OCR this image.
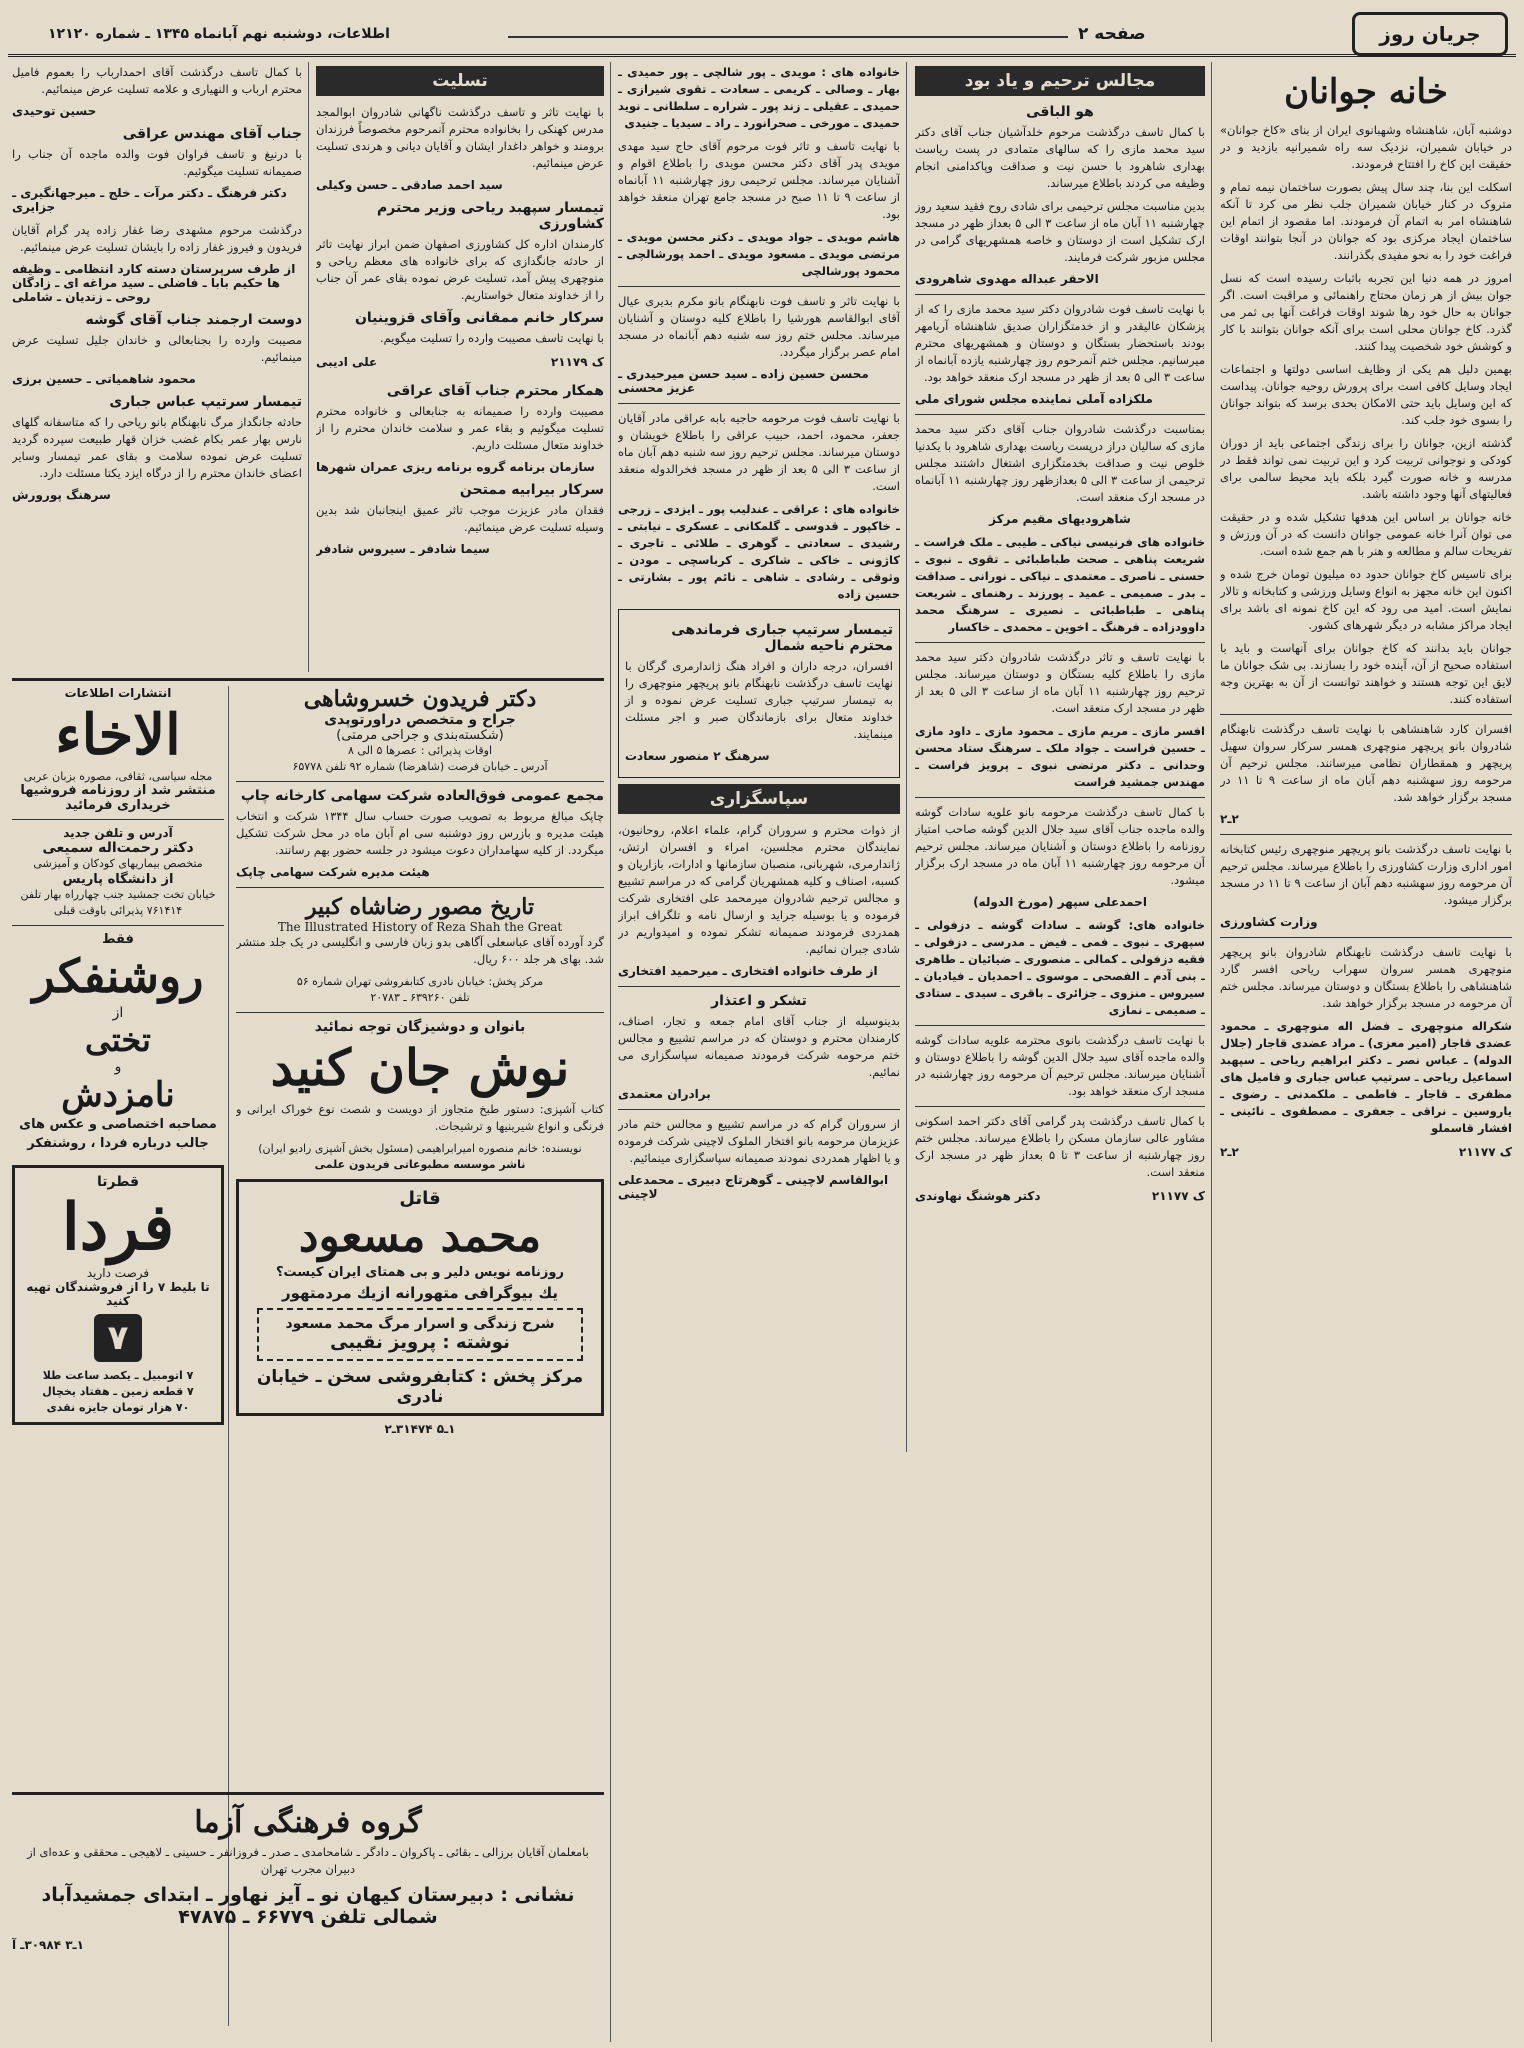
اطلاعات، دوشنبه نهم آبانماه ۱۳۴۵ ـ شماره ۱۲۱۲۰	صفحه ۲	جریان روز
خانه جوانان

دوشنبه آبان، شاهنشاه وشهبانوی ایران از بنای «کاخ جوانان» در خیابان شمیران، نزدیک سه راه شمیرانیه بازدید و در حقیقت این کاخ را افتتاح فرمودند.

اسکلت این بنا، چند سال پیش بصورت ساختمان نیمه تمام و متروک در کنار خیابان شمیران جلب نظر می کرد تا آنکه شاهنشاه امر به اتمام آن فرمودند. اما مقصود از اتمام این ساختمان ایجاد مرکزی بود که جوانان در آنجا بتوانند اوقات فراغت خود را به نحو مفیدی بگذرانند.

امروز در همه دنیا این تجربه باثبات رسیده است که نسل جوان بیش از هر زمان محتاج راهنمائی و مراقبت است. اگر جوانان به حال خود رها شوند اوقات فراغت آنها بی ثمر می گذرد. کاخ جوانان محلی است برای آنکه جوانان بتوانند با کار و کوشش خود شخصیت پیدا کنند.

بهمین دلیل هم یکی از وظایف اساسی دولتها و اجتماعات ایجاد وسایل کافی است برای پرورش روحیه جوانان. پیداست که این وسایل باید حتی الامکان بحدی برسد که بتواند جوانان را بسوی خود جلب کند.

گذشته ازین، جوانان را برای زندگی اجتماعی باید از دوران کودکی و نوجوانی تربیت کرد و این تربیت نمی تواند فقط در مدرسه و خانه صورت گیرد بلکه باید محیط سالمی برای فعالیتهای آنها وجود داشته باشد.

خانه جوانان بر اساس این هدفها تشکیل شده و در حقیقت می توان آنرا خانه عمومی جوانان دانست که در آن ورزش و تفریحات سالم و مطالعه و هنر با هم جمع شده است.

برای تاسیس کاخ جوانان حدود ده میلیون تومان خرج شده و اکنون این خانه مجهز به انواع وسایل ورزشی و کتابخانه و تالار نمایش است. امید می رود که این کاخ نمونه ای باشد برای ایجاد مراکز مشابه در دیگر شهرهای کشور.

جوانان باید بدانند که کاخ جوانان برای آنهاست و باید با استفاده صحیح از آن، آینده خود را بسازند. بی شک جوانان ما لایق این توجه هستند و خواهند توانست از آن به بهترین وجه استفاده کنند.

افسران کارد شاهنشاهی با نهایت تاسف درگذشت نابهنگام شادروان بانو پریچهر منوچهری همسر سرکار سروان سهیل پریچهر و همقطاران نظامی میرسانند. مجلس ترحیم آن مرحومه روز سهشنبه دهم آبان ماه از ساعت ۹ تا ۱۱ در مسجد برگزار خواهد شد.

۲ـ۲

با نهایت تاسف درگذشت بانو پریچهر منوچهری رئیس کتابخانه امور اداری وزارت کشاورزی را باطلاع میرساند. مجلس ترحیم آن مرحومه روز سهشنبه دهم آبان از ساعت ۹ تا ۱۱ در مسجد برگزار میشود.

وزارت کشاورزی

با نهایت تاسف درگذشت نابهنگام شادروان بانو پریچهر منوچهری همسر سروان سهراب ریاحی افسر گارد شاهنشاهی را باطلاع بستگان و دوستان میرساند. مجلس ختم آن مرحومه در مسجد برگزار خواهد شد.

شکراله منوچهری ـ فضل اله منوچهری ـ محمود عضدی قاجار (امیر معزی) ـ مراد عضدی قاجار (جلال الدوله) ـ عباس نصر ـ دکتر ابراهیم ریاحی ـ سپهبد اسماعیل ریاحی ـ سرتیپ عباس جباری و فامیل های مظفری ـ قاجار ـ فاطمی ـ ملکمدنی ـ رضوی ـ یاروسین ـ نراقی ـ جعفری ـ مصطفوی ـ نائینی ـ افشار قاسملو

ک ۲۱۱۷۷
۲ـ۲
مجالس ترحیم و یاد بود
هو الباقی

با کمال تاسف درگذشت مرحوم خلدآشیان جناب آقای دکتر سید محمد مازی را که سالهای متمادی در پست ریاست بهداری شاهرود با حسن نیت و صداقت وپاکدامنی انجام وظیفه می کردند باطلاع میرساند.

بدین مناسبت مجلس ترحیمی برای شادی روح فقید سعید روز چهارشنبه ۱۱ آبان ماه از ساعت ۳ الی ۵ بعداز ظهر در مسجد ارک تشکیل است از دوستان و خاصه همشهریهای گرامی در مجلس مزبور شرکت فرمایند.

الاحقر عبداله مهدوی شاهرودی

با نهایت تاسف فوت شادروان دکتر سید محمد مازی را که از پزشکان عالیقدر و از خدمتگزاران صدیق شاهنشاه آریامهر بودند باستحضار بستگان و دوستان و همشهریهای محترم میرسانیم. مجلس ختم آنمرحوم روز چهارشنبه یازده آبانماه از ساعت ۳ الی ۵ بعد از ظهر در مسجد ارک منعقد خواهد بود.

ملکزاده آملی نماینده مجلس شورای ملی

بمناسبت درگذشت شادروان جناب آقای دکتر سید محمد مازی که سالیان دراز درپست ریاست بهداری شاهرود با یکدنیا خلوص نیت و صداقت بخدمتگزاری اشتغال داشتند مجلس ترحیمی از ساعت ۳ الی ۵ بعدازظهر روز چهارشنبه ۱۱ آبانماه در مسجد ارک منعقد است.

شاهرودیهای مقیم مرکز

خانواده های فرنیسی نیاکی ـ طیبی ـ ملک فراست ـ شریعت پناهی ـ صحت طباطبائی ـ تقوی ـ نبوی ـ حسنی ـ ناصری ـ معتمدی ـ نیاکی ـ نورانی ـ صداقت ـ بدر ـ صمیمی ـ عمید ـ پورزند ـ رهنمای ـ شریعت پناهی ـ طباطبائی ـ نصیری ـ سرهنگ محمد داوودزاده ـ فرهنگ ـ اخوین ـ محمدی ـ خاکسار

با نهایت تاسف و تاثر درگذشت شادروان دکتر سید محمد مازی را باطلاع کلیه بستگان و دوستان میرساند. مجلس ترحیم روز چهارشنبه ۱۱ آبان ماه از ساعت ۳ الی ۵ بعد از ظهر در مسجد ارک منعقد است.

افسر مازی ـ مریم مازی ـ محمود مازی ـ داود مازی ـ حسین فراست ـ جواد ملک ـ سرهنگ ستاد محسن وحدانی ـ دکتر مرتضی نبوی ـ پرویز فراست ـ مهندس جمشید فراست

با کمال تاسف درگذشت مرحومه بانو علویه سادات گوشه والده ماجده جناب آقای سید جلال الدین گوشه صاحب امتیاز روزنامه را باطلاع دوستان و آشنایان میرساند. مجلس ترحیم آن مرحومه روز چهارشنبه ۱۱ آبان ماه در مسجد ارک برگزار میشود.

احمدعلی سپهر (مورخ الدوله)

خانواده های: گوشه ـ سادات گوشه ـ دزفولی ـ سپهری ـ نبوی ـ فمی ـ فیض ـ مدرسی ـ دزفولی ـ فقیه دزفولی ـ کمالی ـ منصوری ـ ضیائیان ـ طاهری ـ بنی آدم ـ الفصحی ـ موسوی ـ احمدیان ـ فیادیان ـ سیروس ـ منزوی ـ جزائری ـ باقری ـ سیدی ـ ستادی ـ صمیمی ـ نمازی

با نهایت تاسف درگذشت بانوی محترمه علویه سادات گوشه والده ماجده آقای سید جلال الدین گوشه را باطلاع دوستان و آشنایان میرساند. مجلس ترحیم آن مرحومه روز چهارشنبه در مسجد ارک منعقد خواهد بود.

با کمال تاسف درگذشت پدر گرامی آقای دکتر احمد اسکونی مشاور عالی سازمان مسکن را باطلاع میرساند. مجلس ختم روز چهارشنبه از ساعت ۳ تا ۵ بعداز ظهر در مسجد ارک منعقد است.

ک ۲۱۱۷۷
دکتر هوشنگ نهاوندی

خانواده های : مویدی ـ پور شالچی ـ پور حمیدی ـ بهار ـ وصالی ـ کریمی ـ سعادت ـ تقوی شیرازی ـ حمیدی ـ عقیلی ـ زند پور ـ شراره ـ سلطانی ـ نوید حمیدی ـ مورخی ـ صحرانورد ـ راد ـ سیدیا ـ جنیدی

با نهایت تاسف و تاثر فوت مرحوم آقای حاج سید مهدی مویدی پدر آقای دکتر محسن مویدی را باطلاع اقوام و آشنایان میرساند. مجلس ترحیمی روز چهارشنبه ۱۱ آبانماه از ساعت ۹ تا ۱۱ صبح در مسجد جامع تهران منعقد خواهد بود.

هاشم مویدی ـ جواد مویدی ـ دکتر محسن مویدی ـ مرتضی مویدی ـ مسعود مویدی ـ احمد پورشالچی ـ محمود پورشالچی

با نهایت تاثر و تاسف فوت نابهنگام بانو مکرم بدیری عیال آقای ابوالقاسم هورشیا را باطلاع کلیه دوستان و آشنایان میرساند. مجلس ختم روز سه شنبه دهم آبانماه در مسجد امام عصر برگزار میگردد.

محسن حسین زاده ـ سید حسن میرحیدری ـ عزیز محسنی

با نهایت تاسف فوت مرحومه حاجیه بابه عراقی مادر آقایان جعفر، محمود، احمد، حبیب عراقی را باطلاع خویشان و دوستان میرساند. مجلس ترحیم روز سه شنبه دهم آبان ماه از ساعت ۳ الی ۵ بعد از ظهر در مسجد فخرالدوله منعقد است.

خانواده های : عراقی ـ عندلیب پور ـ ایزدی ـ زرجی ـ خاکپور ـ قدوسی ـ گلمکانی ـ عسکری ـ نیابتی ـ رشیدی ـ سعادتی ـ گوهری ـ طلائی ـ تاجری ـ کاژونی ـ خاکی ـ شاکری ـ کرباسچی ـ مودن ـ وثوقی ـ رشادی ـ شاهی ـ نائم پور ـ بشارتی ـ حسین زاده

تیمسار سرتیپ جباری فرماندهی محترم ناحیه شمال

افسران، درجه داران و افراد هنگ ژاندارمری گرگان با نهایت تاسف درگذشت نابهنگام بانو پریچهر منوچهری را به تیمسار سرتیپ جباری تسلیت عرض نموده و از خداوند متعال برای بازماندگان صبر و اجر مسئلت مینمایند.

سرهنگ ۲ منصور سعادت
سپاسگزاری

از ذوات محترم و سروران گرام، علماء اعلام، روحانیون، نمایندگان محترم مجلسین، امراء و افسران ارتش، ژاندارمری، شهربانی، منصبان سازمانها و ادارات، بازاریان و کسبه، اصناف و کلیه همشهریان گرامی که در مراسم تشییع و مجالس ترحیم شادروان میرمحمد علی افتخاری شرکت فرموده و یا بوسیله جراید و ارسال نامه و تلگراف ابراز همدردی فرمودند صمیمانه تشکر نموده و امیدواریم در شادی جبران نمائیم.

از طرف خانواده افتخاری ـ میرحمید افتخاری
تشکر و اعتذار

بدینوسیله از جناب آقای امام جمعه و تجار، اصناف، کارمندان محترم و دوستان که در مراسم تشییع و مجالس ختم مرحومه شرکت فرمودند صمیمانه سپاسگزاری می نمائیم.

برادران معتمدی

از سروران گرام که در مراسم تشییع و مجالس ختم مادر عزیزمان مرحومه بانو افتخار الملوک لاچینی شرکت فرموده و یا اظهار همدردی نمودند صمیمانه سپاسگزاری مینمائیم.

ابوالقاسم لاچینی ـ گوهرتاج دبیری ـ محمدعلی لاچینی
تسلیت

با نهایت تاثر و تاسف درگذشت ناگهانی شادروان ابوالمجد مدرس کهنکی را بخانواده محترم آنمرحوم مخصوصاً فرزندان برومند و خواهر داغدار ایشان و آقایان دیانی و هرندی تسلیت عرض مینمائیم.

سید احمد صادقی ـ حسن وکیلی
تیمسار سپهبد ریاحی وزیر محترم کشاورزی

کارمندان اداره کل کشاورزی اصفهان ضمن ابراز نهایت تاثر از حادثه جانگدازی که برای خانواده های معظم ریاحی و منوچهری پیش آمد، تسلیت عرض نموده بقای عمر آن جناب را از خداوند متعال خواستاریم.

سرکار خانم ممقانی وآقای قزوینیان

با نهایت تاسف مصیبت وارده را تسلیت میگویم.

ک ۲۱۱۷۹
علی ادیبی
همکار محترم جناب آقای عراقی

مصیبت وارده را صمیمانه به جنابعالی و خانواده محترم تسلیت میگوئیم و بقاء عمر و سلامت خاندان محترم را از خداوند متعال مسئلت داریم.

سازمان برنامه گروه برنامه ریزی عمران شهرها
سرکار بیرابیه ممتحن

فقدان مادر عزیزت موجب تاثر عمیق اینجانبان شد بدین وسیله تسلیت عرض مینمائیم.

سیما شادفر ـ سیروس شادفر

با کمال تاسف درگذشت آقای احمدارباب را بعموم فامیل محترم ارباب و النهیاری و علامه تسلیت عرض مینمائیم.

حسین توحیدی
جناب آقای مهندس عراقی

با درنیغ و تاسف فراوان فوت والده ماجده آن جناب را صمیمانه تسلیت میگوئیم.

دکتر فرهنگ ـ دکتر مرآت ـ خلج ـ میرجهانگیری ـ جزایری

درگذشت مرحوم مشهدی رضا غفار زاده پدر گرام آقایان فریدون و فیروز غفار زاده را بایشان تسلیت عرض مینمائیم.

از طرف سرپرستان دسته کارد انتظامی ـ وظیفه ها حکیم بابا ـ فاضلی ـ سید مراغه ای ـ زادگان روحی ـ زندیان ـ شاملی
دوست ارجمند جناب آقای گوشه

مصیبت وارده را بجنابعالی و خاندان جلیل تسلیت عرض مینمائیم.

محمود شاهمیاتی ـ حسین برزی
تیمسار سرتیپ عباس جباری

حادثه جانگداز مرگ نابهنگام بانو ریاحی را که متاسفانه گلهای نارس بهار عمر بکام غضب خزان قهار طبیعت سپرده گردید تسلیت عرض نموده سلامت و بقای عمر تیمسار وسایر اعضای خاندان محترم را از درگاه ایزد یکتا مسئلت دارد.

سرهنگ پورورش
دکتر فریدون خسروشاهی
جراح و متخصص دراورتوپدی
(شکسته‌بندی و جراحی مرمتی)
اوقات پذیرائی : عصرها ۵ الی ۸
آدرس ـ خیابان فرصت (شاهرضا) شماره ۹۲ تلفن ۶۵۷۷۸
مجمع عمومی فوق‌العاده شرکت سهامی کارخانه چاپ

چاپک مبالغ مربوط به تصویب صورت حساب سال ۱۳۴۴ شرکت و انتخاب هیئت مدیره و بازرس روز دوشنبه سی ام آبان ماه در محل شرکت تشکیل میگردد. از کلیه سهامداران دعوت میشود در جلسه حضور بهم رسانند.

هیئت مدیره شرکت سهامی چاپک
تاریخ مصور رضاشاه کبیر
The Illustrated History of Reza Shah the Great

گرد آورده آقای عباسعلی آگاهی بدو زبان فارسی و انگلیسی در یک جلد منتشر شد. بهای هر جلد ۶۰۰ ریال.

مرکز پخش: خیابان نادری کتابفروشی تهران شماره ۵۶
تلفن ۶۳۹۲۶۰ ـ ۲۰۷۸۳
بانوان و دوشیزگان توجه نمائید
نوش جان کنید

کتاب آشپزی: دستور طبخ متجاوز از دویست و شصت نوع خوراک ایرانی و فرنگی و انواع شیرینیها و ترشیجات.

نویسنده: خانم منصوره امیرابراهیمی (مسئول بخش آشپزی رادیو ایران)
ناشر موسسه مطبوعاتی فریدون علمی
قاتل
محمد مسعود
روزنامه نویس دلیر و بی همتای ایران کیست؟
یك بیوگرافی متهورانه ازیك مردمتهور
شرح زندگی و اسرار مرگ محمد مسعود
نوشته : پرویز نقیبی
مرکز پخش : کتابفروشی سخن ـ خیابان نادری
۱ـ۵ ۳۱۴۷۴ـ۲
انتشارات اطلاعات
الاخاء
مجله سیاسی، ثقافی، مصوره بزبان عربی
منتشر شد از روزنامه فروشیها خریداری فرمائید
آدرس و تلفن جدید
دکتر رحمت‌اله سمیعی
متخصص بیماریهای کودکان و آمیزشی
از دانشگاه پاریس
خیابان تخت جمشید جنب چهارراه بهار تلفن ۷۶۱۴۱۴ پذیرائی باوقت قبلی
فقط
روشنفکر
از
تختی
و
نامزدش
مصاحبه اختصاصی و عکس های جالب درباره فردا ، روشنفکر
قطرتا
فردا
فرصت دارید
تا بلیط ۷ را از فروشندگان تهیه کنید
۷
۷ اتومبیل ـ یکصد ساعت طلا
۷ قطعه زمین ـ هفتاد یخچال
۷۰ هزار تومان جایزه نقدی
گروه فرهنگی آزما

بامعلمان آقایان برزالی ـ بقائی ـ پاکروان ـ دادگر ـ شامحامدی ـ صدر ـ فروزانفر ـ حسینی ـ لاهیجی ـ محققی و عده‌ای از دبیران مجرب تهران

نشانی : دبیرستان کیهان نو ـ آیز نهاور ـ ابتدای جمشیدآباد
شمالی تلفن ۶۶۷۷۹ ـ ۴۷۸۷۵
۱ـ۳ ۳۰۹۸۴ـ آ
